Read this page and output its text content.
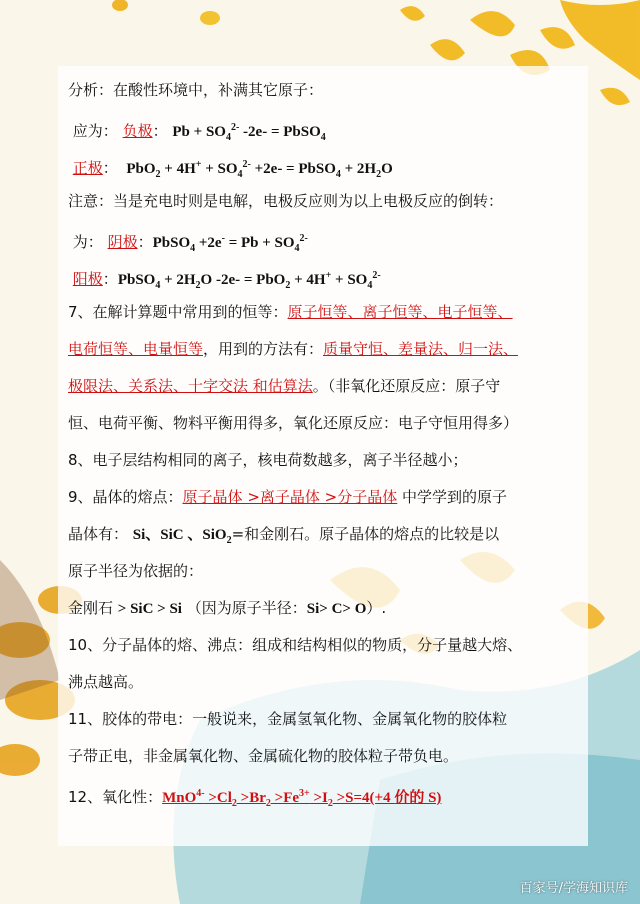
分析：在酸性环境中，补满其它原子：
应为： 负极： $Pb + SO_4^{2-}$ -2e- = PbSO$_4$
正极：  $PbO_2 + 4H^+ + SO_4^{2-} +2e-$ = PbSO$_4$ + $2H_2O$
注意：当是充电时则是电解，电极反应则为以上电极反应的倒转：
为： 阴极：PbSO$_4$ $+2e^- = Pb + SO_4^{2-}$
阳极：PbSO$_4$ + $2H_2O$ $-2e- = PbO_2 + 4H^+ + SO_4^{2-}$
7、在解计算题中常用到的恒等：原子恒等、离子恒等、电子恒等、
电荷恒等、电量恒等，用到的方法有：质量守恒、差量法、归一法、
极限法、关系法、十字交法 和估算法。（非氧化还原反应：原子守
恒、电荷平衡、物料平衡用得多，氧化还原反应：电子守恒用得多）
8、电子层结构相同的离子，核电荷数越多，离子半径越小；
9、晶体的熔点：原子晶体 >离子晶体 >分子晶体 中学学到的原子
晶体有： Si、SiC 、SiO$_2$=和金刚石。原子晶体的熔点的比较是以
原子半径为依据的：
金刚石 > SiC > Si （因为原子半径：Si> C> O）.
10、分子晶体的熔、沸点：组成和结构相似的物质，分子量越大熔、
沸点越高。
11、胶体的带电：一般说来，金属氢氧化物、金属氧化物的胶体粒
子带正电，非金属氧化物、金属硫化物的胶体粒子带负电。
12、氧化性：$MnO^{4-} >Cl_2 >Br_2 >Fe^{3+} >I_2 >S=4(+4$ 价的 S)
百家号/学海知识库
